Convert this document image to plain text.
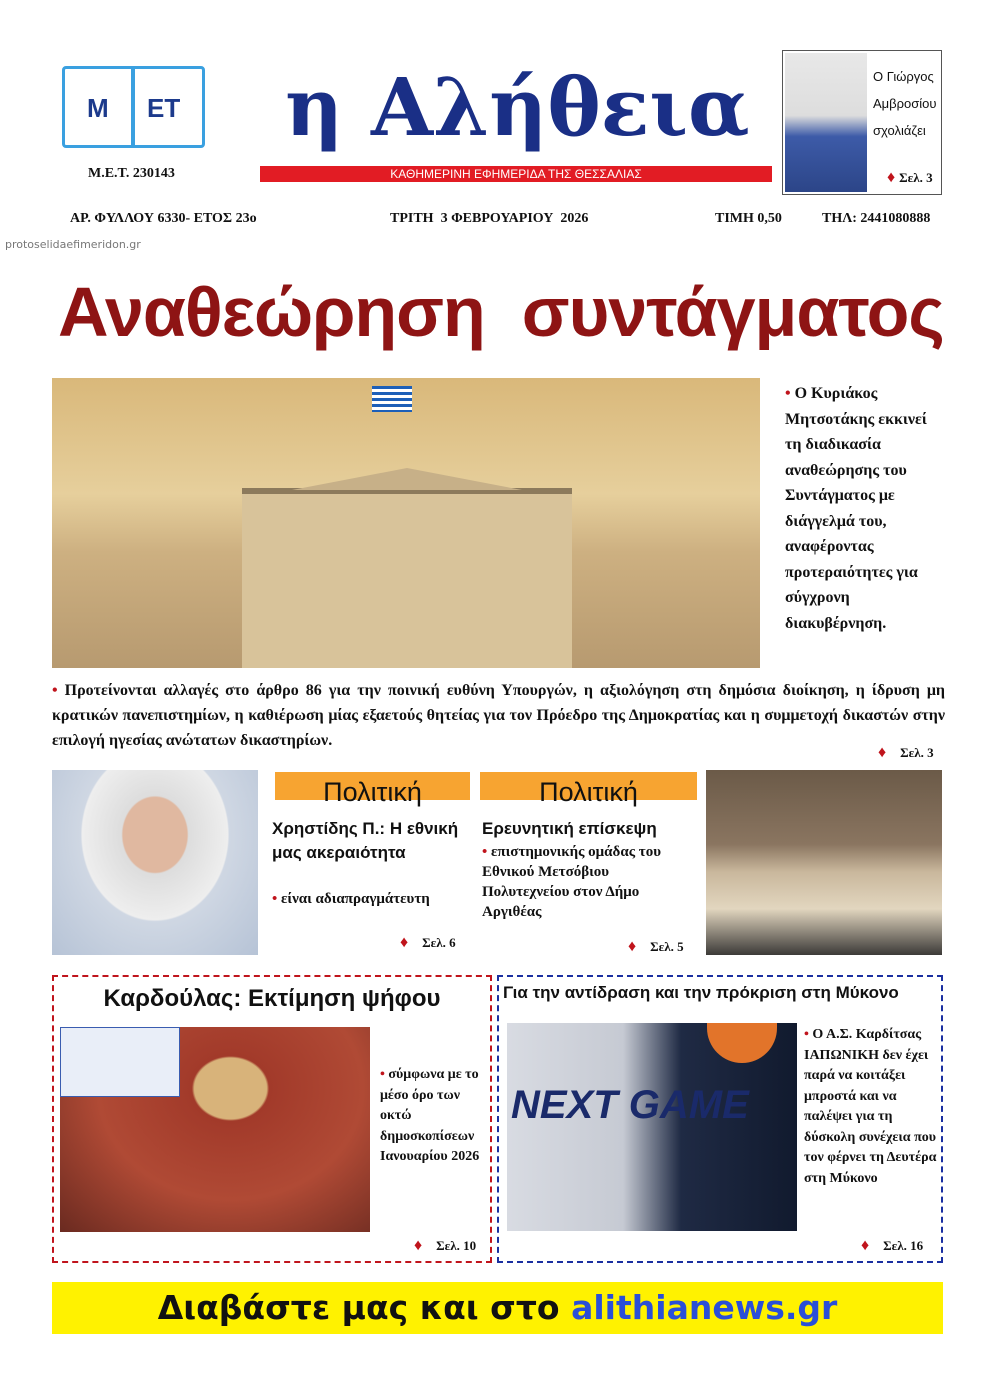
Μ ΕΤ
Μ.Ε.Τ. 230143
η Αλήθεια
ΚΑΘΗΜΕΡΙΝΗ ΕΦΗΜΕΡΙΔΑ ΤΗΣ ΘΕΣΣΑΛΙΑΣ
Ο Γιώργος
Αμβροσίου
σχολιάζει
♦ Σελ. 3
ΑΡ. ΦΥΛΛΟΥ 6330- ΕΤΟΣ 23ο	ΤΡΙΤΗ  3 ΦΕΒΡΟΥΑΡΙΟΥ  2026	ΤΙΜΗ 0,50	ΤΗΛ: 2441080888
protoselidaefimeridon.gr
Αναθεώρηση  συντάγματος
• Ο Κυριάκος Μητσοτάκης εκκινεί τη διαδικασία αναθεώρησης του Συντάγματος με διάγγελμά του, αναφέροντας προτεραιότητες για σύγχρονη διακυβέρνηση.
• Προτείνονται αλλαγές στο άρθρο 86 για την ποινική ευθύνη Υπουργών, η αξιολόγηση στη δημόσια διοίκηση, η ίδρυση μη κρατικών πανεπιστημίων, η καθιέρωση μίας εξαετούς θητείας για τον Πρόεδρο της Δημοκρατίας και η συμμετοχή δικαστών στην επιλογή ηγεσίας ανώτατων δικαστηρίων.
♦ Σελ. 3
Πολιτική
Χρηστίδης Π.: Η εθνική μας ακεραιότητα
• είναι αδιαπραγμάτευτη
♦ Σελ. 6
Πολιτική
Ερευνητική επίσκεψη
• επιστημονικής ομάδας του Εθνικού Μετσόβιου Πολυτεχνείου στον Δήμο Αργιθέας
♦ Σελ. 5
Καρδούλας: Εκτίμηση ψήφου
• σύμφωνα με το μέσο όρο των οκτώ δημοσκοπίσεων Ιανουαρίου 2026
♦ Σελ. 10
Για την αντίδραση και την πρόκριση στη Μύκονο
NEXT GAME
• Ο Α.Σ. Καρδίτσας ΙΑΠΩΝΙΚΗ δεν έχει παρά να κοιτάξει μπροστά και να παλέψει για τη δύσκολη συνέχεια που τον φέρνει τη Δευτέρα στη Μύκονο
♦ Σελ. 16
Διαβάστε μας και στο alithianews.gr
